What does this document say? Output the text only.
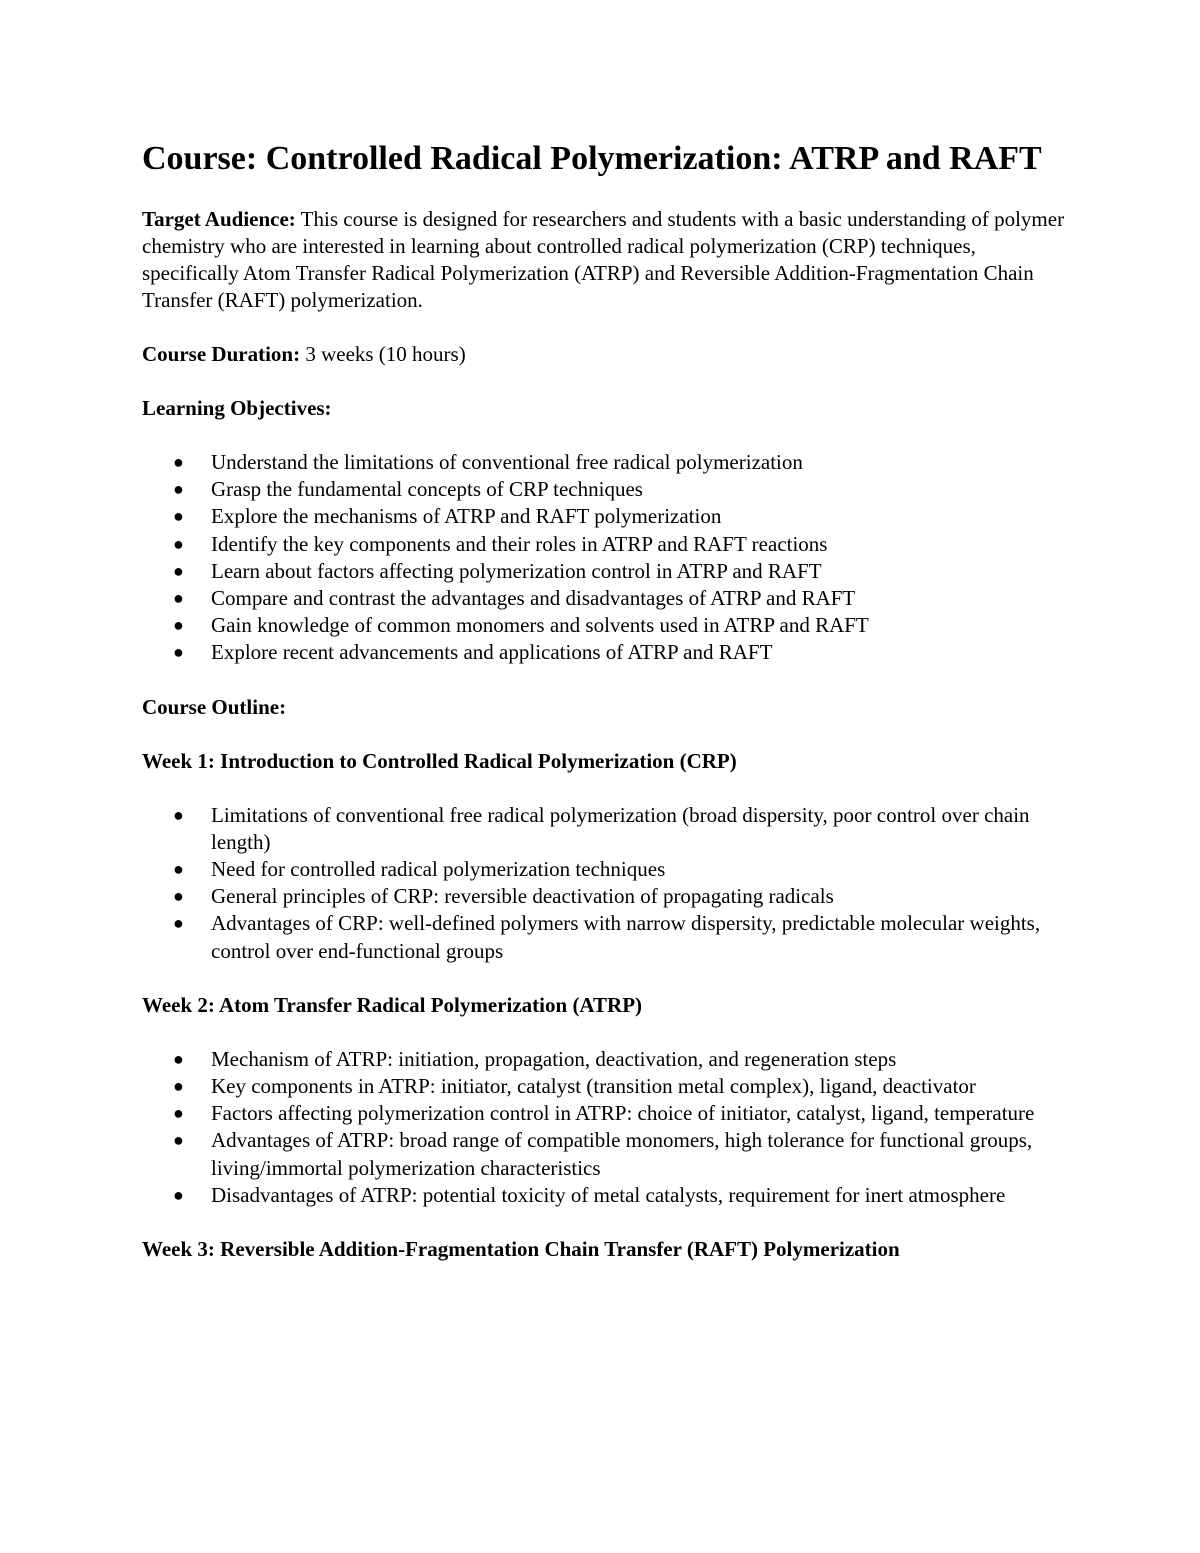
Course: Controlled Radical Polymerization: ATRP and RAFT

Target Audience: This course is designed for researchers and students with a basic understanding of polymer chemistry who are interested in learning about controlled radical polymerization (CRP) techniques, specifically Atom Transfer Radical Polymerization (ATRP) and Reversible Addition-Fragmentation Chain Transfer (RAFT) polymerization.

Course Duration: 3 weeks (10 hours)

Learning Objectives:

● Understand the limitations of conventional free radical polymerization
● Grasp the fundamental concepts of CRP techniques
● Explore the mechanisms of ATRP and RAFT polymerization
● Identify the key components and their roles in ATRP and RAFT reactions
● Learn about factors affecting polymerization control in ATRP and RAFT
● Compare and contrast the advantages and disadvantages of ATRP and RAFT
● Gain knowledge of common monomers and solvents used in ATRP and RAFT
● Explore recent advancements and applications of ATRP and RAFT

Course Outline:

Week 1: Introduction to Controlled Radical Polymerization (CRP)

● Limitations of conventional free radical polymerization (broad dispersity, poor control over chain length)
● Need for controlled radical polymerization techniques
● General principles of CRP: reversible deactivation of propagating radicals
● Advantages of CRP: well-defined polymers with narrow dispersity, predictable molecular weights, control over end-functional groups

Week 2: Atom Transfer Radical Polymerization (ATRP)

● Mechanism of ATRP: initiation, propagation, deactivation, and regeneration steps
● Key components in ATRP: initiator, catalyst (transition metal complex), ligand, deactivator
● Factors affecting polymerization control in ATRP: choice of initiator, catalyst, ligand, temperature
● Advantages of ATRP: broad range of compatible monomers, high tolerance for functional groups, living/immortal polymerization characteristics
● Disadvantages of ATRP: potential toxicity of metal catalysts, requirement for inert atmosphere

Week 3: Reversible Addition-Fragmentation Chain Transfer (RAFT) Polymerization
